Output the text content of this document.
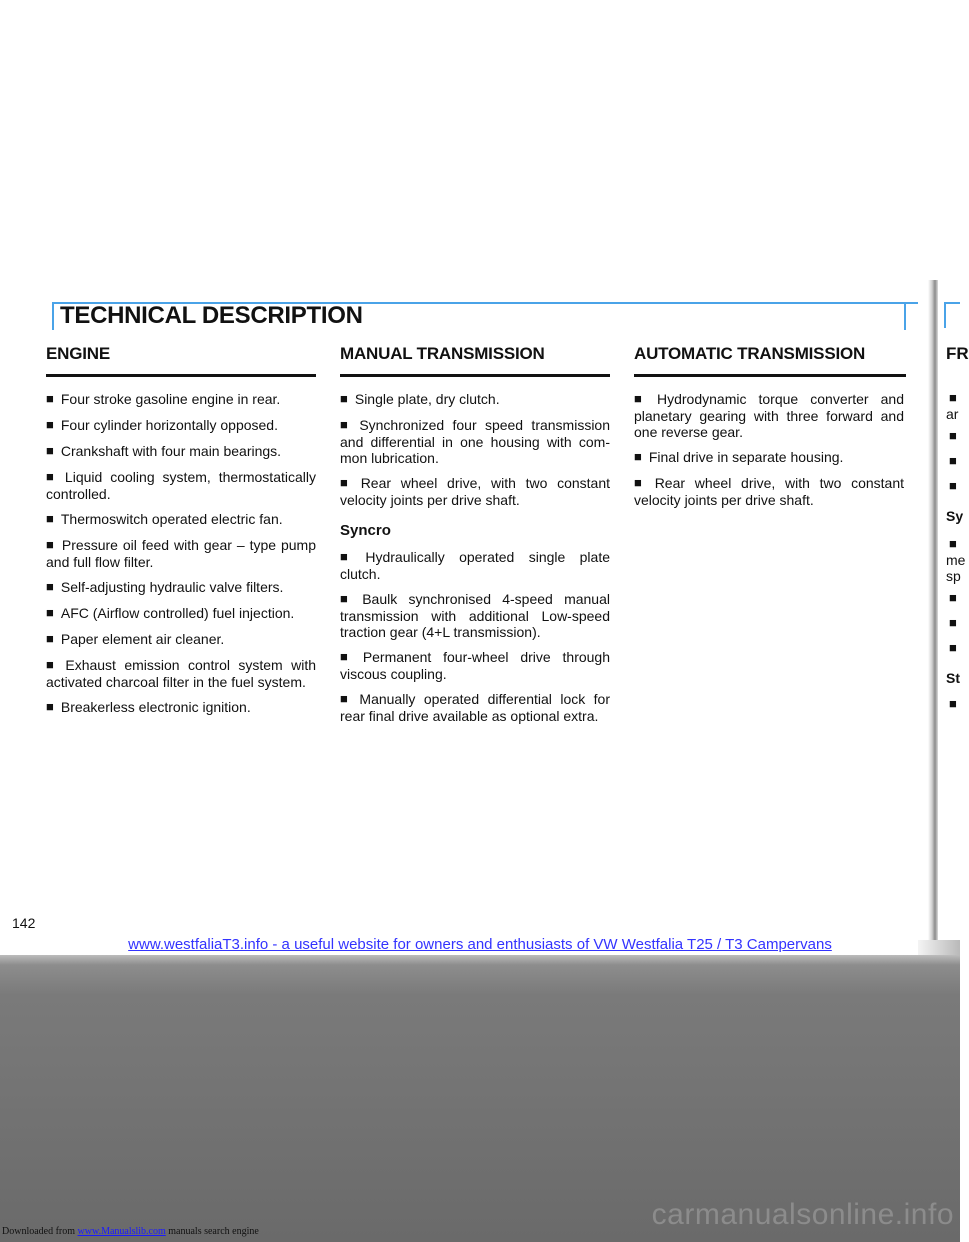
TECHNICAL DESCRIPTION
ENGINE
■ Four stroke gasoline engine in rear.
■ Four cylinder horizontally opposed.
■ Crankshaft with four main bearings.
■ Liquid cooling system, thermostatically controlled.
■ Thermoswitch operated electric fan.
■ Pressure oil feed with gear – type pump and full flow filter.
■ Self-adjusting hydraulic valve filters.
■ AFC (Airflow controlled) fuel injection.
■ Paper element air cleaner.
■ Exhaust emission control system with activated charcoal filter in the fuel system.
■ Breakerless electronic ignition.
MANUAL TRANSMISSION
■ Single plate, dry clutch.
■ Synchronized four speed transmission and differential in one housing with com-mon lubrication.
■ Rear wheel drive, with two constant velocity joints per drive shaft.
Syncro
■ Hydraulically operated single plate clutch.
■ Baulk synchronised 4-speed manual transmission with additional Low-speed traction gear (4+L transmission).
■ Permanent four-wheel drive through viscous coupling.
■ Manually operated differential lock for rear final drive available as optional extra.
AUTOMATIC TRANSMISSION
■ Hydrodynamic torque converter and planetary gearing with three forward and one reverse gear.
■ Final drive in separate housing.
■ Rear wheel drive, with two constant velocity joints per drive shaft.
FR
■
ar
■
■
■
Sy
■
me
sp
■
■
■
St
■
142
www.westfaliaT3.info - a useful website for owners and enthusiasts of VW Westfalia T25 / T3 Campervans
carmanualsonline.info
Downloaded from www.Manualslib.com manuals search engine
